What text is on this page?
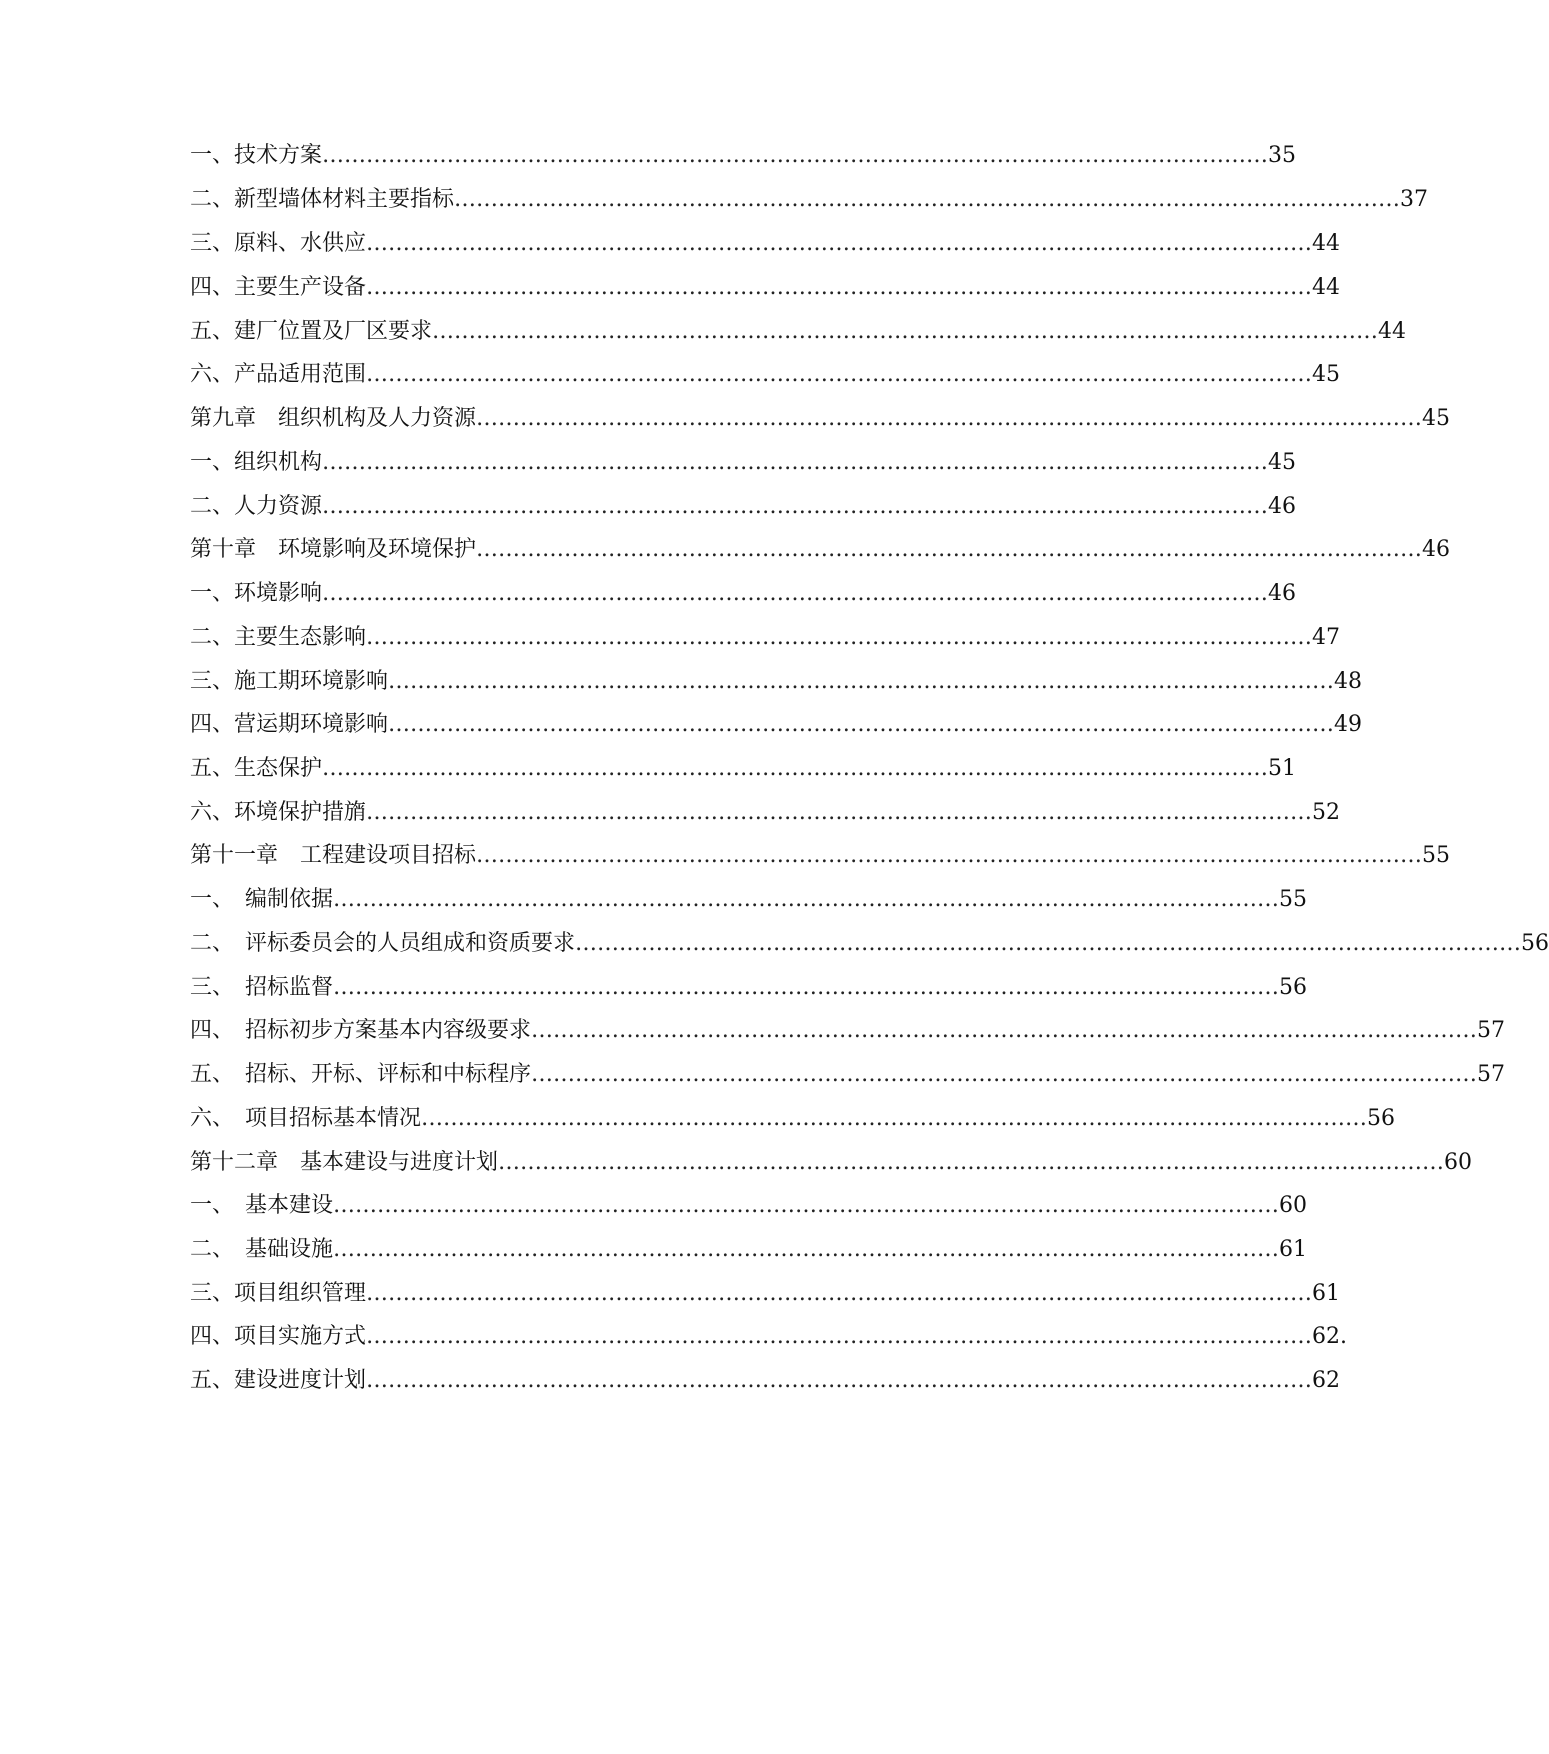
一、技术方案 ………………………………………………………………………………………………………………… 35
二、新型墙体材料主要指标 ………………………………………………………………………………………………………………… 37
三、原料、水供应 ………………………………………………………………………………………………………………… 44
四、主要生产设备 ………………………………………………………………………………………………………………… 44
五、建厂位置及厂区要求 ………………………………………………………………………………………………………………… 44
六、产品适用范围 ………………………………………………………………………………………………………………… 45
第九章　组织机构及人力资源 ………………………………………………………………………………………………………………… 45
一、组织机构 ………………………………………………………………………………………………………………… 45
二、人力资源 ………………………………………………………………………………………………………………… 46
第十章　环境影响及环境保护 ………………………………………………………………………………………………………………… 46
一、环境影响 ………………………………………………………………………………………………………………… 46
二、主要生态影响 ………………………………………………………………………………………………………………… 47
三、施工期环境影响 ………………………………………………………………………………………………………………… 48
四、营运期环境影响 ………………………………………………………………………………………………………………… 49
五、生态保护 ………………………………………………………………………………………………………………… 51
六、环境保护措旓 ………………………………………………………………………………………………………………… 52
第十一章　工程建设项目招标 ………………………………………………………………………………………………………………… 55
一、　编制依据 ………………………………………………………………………………………………………………… 55
二、　评标委员会的人员组成和资质要求 ………………………………………………………………………………………………………………… 56
三、　招标监督 ………………………………………………………………………………………………………………… 56
四、　招标初步方案基本内容级要求 ………………………………………………………………………………………………………………… 57
五、　招标、开标、评标和中标程序 ………………………………………………………………………………………………………………… 57
六、　项目招标基本情况 ………………………………………………………………………………………………………………… 56
第十二章　基本建设与进度计划 ………………………………………………………………………………………………………………… 60
一、　基本建设 ………………………………………………………………………………………………………………… 60
二、　基础设施 ………………………………………………………………………………………………………………… 61
三、项目组织管理 ………………………………………………………………………………………………………………… 61
四、项目实施方式 ………………………………………………………………………………………………………………… 62.
五、建设进度计划 ………………………………………………………………………………………………………………… 62
